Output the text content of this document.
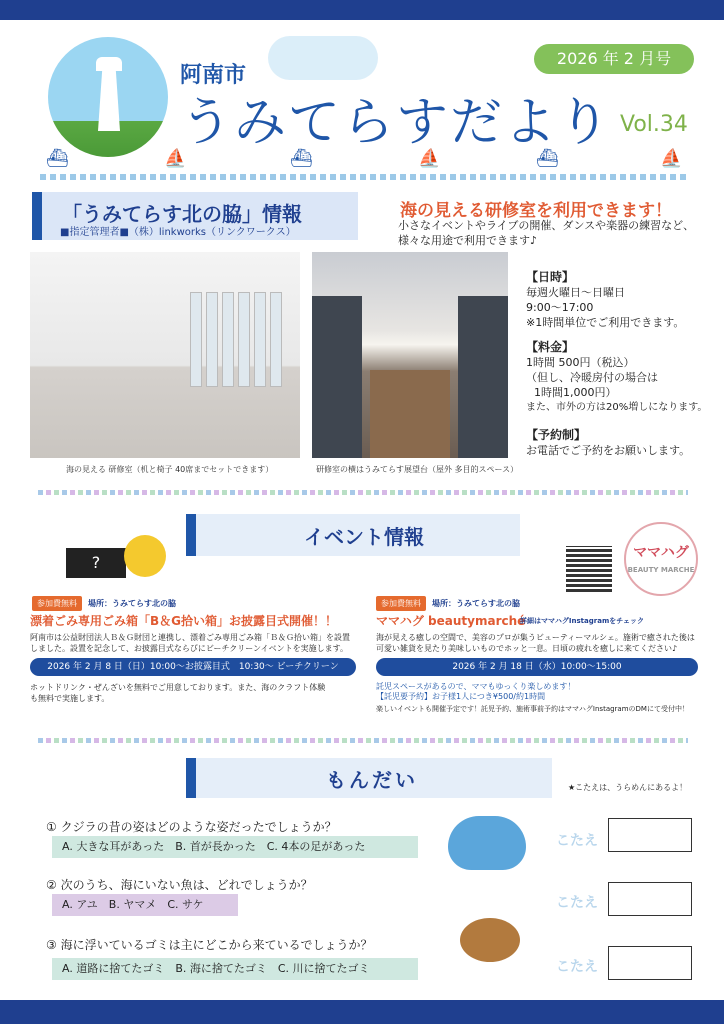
阿南市
うみてらすだより Vol.34
2026 年 2 月号
⛴	⛵	⛴	⛵	⛴	⛵
「うみてらす北の脇」情報

■指定管理者■（株）linkworks（リンクワークス）

海の見える研修室を利用できます！
小さなイベントやライブの開催、ダンスや楽器の練習など、様々な用途で利用できます♪
海の見える 研修室（机と椅子 40席までセットできます）	研修室の横はうみてらす展望台（屋外 多目的スペース）
【日時】
毎週火曜日～日曜日
9:00～17:00
※1時間単位でご利用できます。
【料金】
1時間 500円（税込）
（但し、冷暖房付の場合は
1時間1,000円）
また、市外の方は20%増しになります。
【予約制】
お電話でご予約をお願いします。
イベント情報
?	ママハグ
BEAUTY MARCHE
参加費無料	場所：うみてらす北の脇
漂着ごみ専用ごみ箱「B＆G拾い箱」お披露目式開催！！
阿南市は公益財団法人Ｂ＆Ｇ財団と連携し、漂着ごみ専用ごみ箱「Ｂ＆Ｇ拾い箱」を設置しました。設置を記念して、お披露目式ならびにビーチクリーンイベントを実施します。
2026 年 2 月 8 日（日）10:00～お披露目式　10:30～ ビーチクリーン
ホットドリンク・ぜんざいを無料でご用意しております。また、海のクラフト体験も無料で実施します。
参加費無料	場所：うみてらす北の脇
ママハグ beautymarché
詳細はママハグInstagramをチェック
海が見える癒しの空間で、美容のプロが集うビューティーマルシェ。施術で癒された後は可愛い雑貨を見たり美味しいものでホッと一息。日頃の疲れを癒しに来てください♪
2026 年 2 月 18 日（水）10:00～15:00
託児スペースがあるので、ママもゆっくり楽しめます！
【託児要予約】お子様1人につき¥500/約1時間
楽しいイベントも開催予定です！託児予約、施術事前予約はママハグInstagramのDMにて受付中！
もんだい	★こたえは、うらめんにあるよ！
① クジラの昔の姿はどのような姿だったでしょうか？
A. 大きな耳があった　B. 首が長かった　C. 4本の足があった	こたえ
② 次のうち、海にいない魚は、どれでしょうか？
A. アユ　B. ヤマメ　C. サケ	こたえ
③ 海に浮いているゴミは主にどこから来ているでしょうか？
A. 道路に捨てたゴミ　B. 海に捨てたゴミ　C. 川に捨てたゴミ	こたえ
